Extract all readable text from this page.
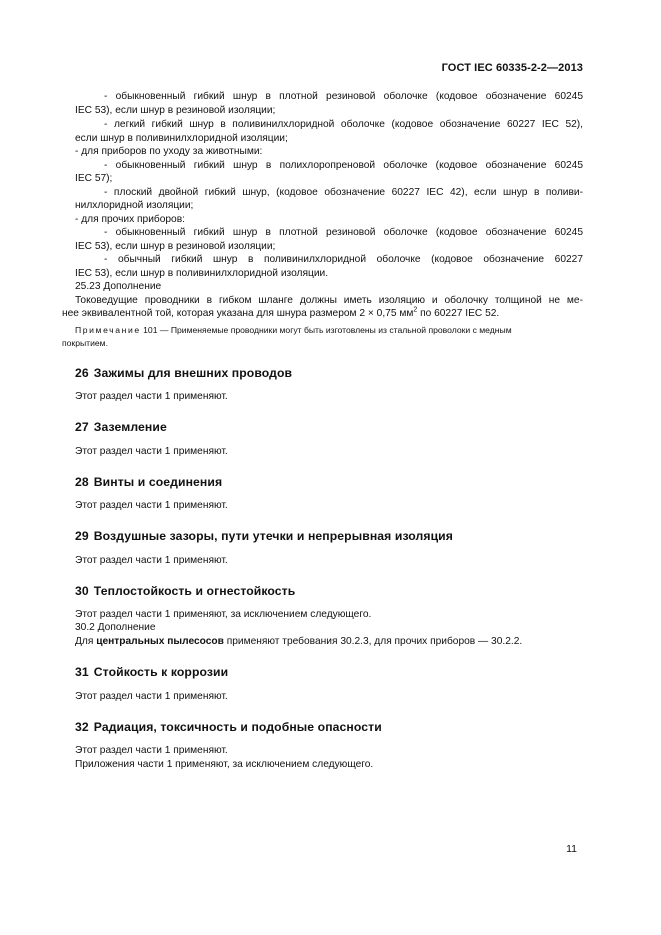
ГОСТ IEC 60335-2-2—2013
- обыкновенный гибкий шнур в плотной резиновой оболочке (кодовое обозначение 60245
IEC 53), если шнур в резиновой изоляции;
- легкий гибкий шнур в поливинилхлоридной оболочке (кодовое обозначение 60227 IEC 52),
если шнур в поливинилхлоридной изоляции;
- для приборов по уходу за животными:
- обыкновенный гибкий шнур в полихлоропреновой оболочке (кодовое обозначение 60245
IEC 57);
- плоский двойной гибкий шнур, (кодовое обозначение 60227 IEC 42), если шнур в поливи-
нилхлоридной изоляции;
- для прочих приборов:
- обыкновенный гибкий шнур в плотной резиновой оболочке (кодовое обозначение 60245
IEC 53), если шнур в резиновой изоляции;
- обычный гибкий шнур в поливинилхлоридной оболочке (кодовое обозначение 60227
IEC 53), если шнур в поливинилхлоридной изоляции.
25.23 Дополнение
Токоведущие проводники в гибком шланге должны иметь изоляцию и оболочку толщиной не ме-
нее эквивалентной той, которая указана для шнура размером 2 × 0,75 $мм^2$ по 60227 IEC 52.
Примечание 101 — Применяемые проводники могут быть изготовлены из стальной проволоки с медным
покрытием.
26 Зажимы для внешних проводов
Этот раздел части 1 применяют.
27 Заземление
Этот раздел части 1 применяют.
28 Винты и соединения
Этот раздел части 1 применяют.
29 Воздушные зазоры, пути утечки и непрерывная изоляция
Этот раздел части 1 применяют.
30 Теплостойкость и огнестойкость
Этот раздел части 1 применяют, за исключением следующего.
30.2 Дополнение
Для центральных пылесосов применяют требования 30.2.3, для прочих приборов — 30.2.2.
31 Стойкость к коррозии
Этот раздел части 1 применяют.
32 Радиация, токсичность и подобные опасности
Этот раздел части 1 применяют.
Приложения части 1 применяют, за исключением следующего.
11
